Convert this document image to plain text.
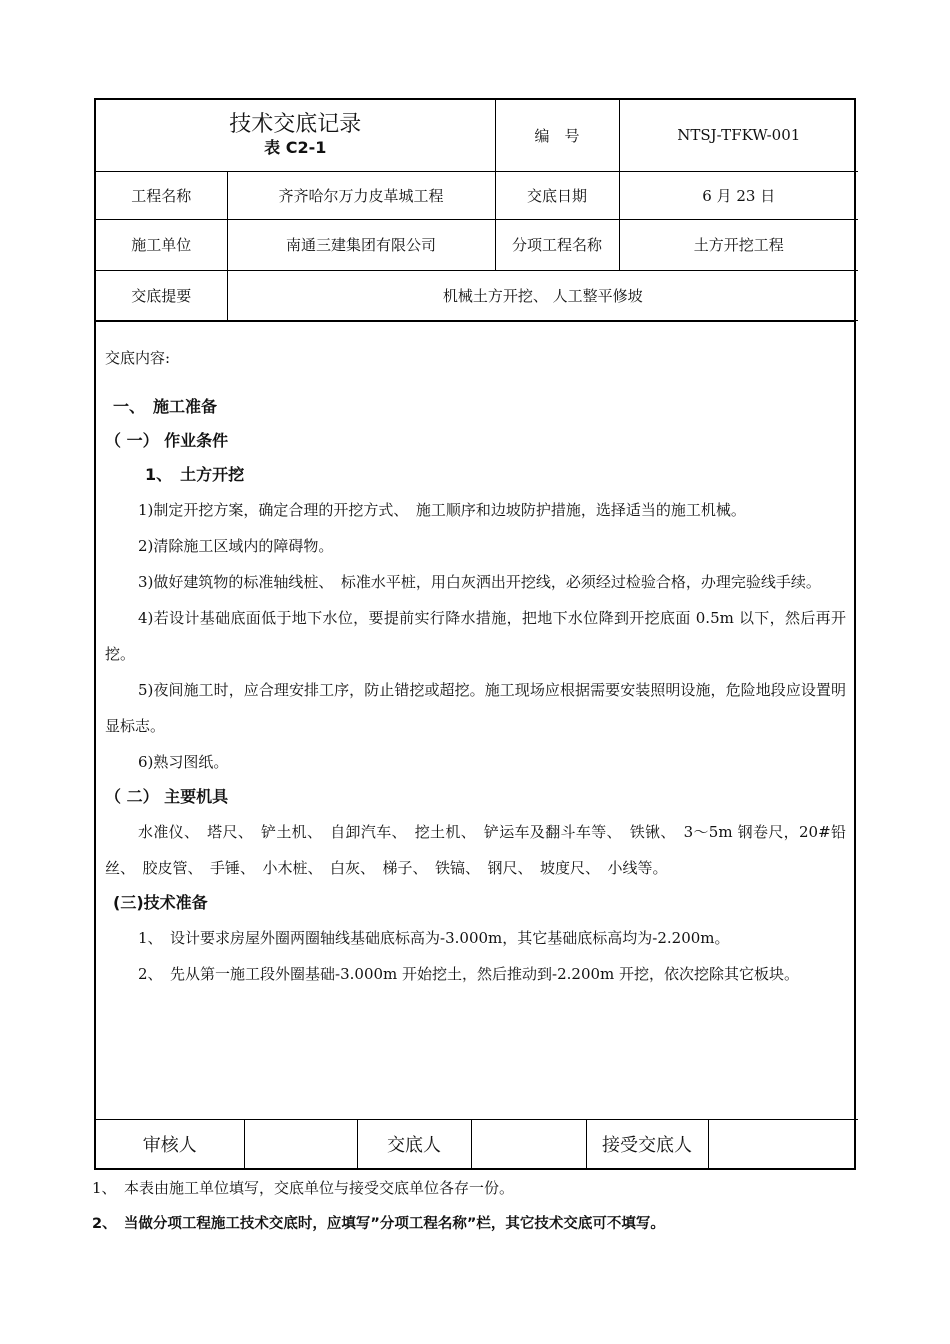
技术交底记录
表 C2-1		编　号	NTSJ-TFKW-001
工程名称	齐齐哈尔万力皮革城工程	交底日期	6 月 23 日
施工单位	南通三建集团有限公司	分项工程名称	土方开挖工程
交底提要	机械土方开挖、 人工整平修坡		

交底内容:

一、　施工准备

（ 一） 作业条件

1、　土方开挖

1)制定开挖方案，确定合理的开挖方式、　施工顺序和边坡防护措施，选择适当的施工机械。

2)清除施工区域内的障碍物。

3)做好建筑物的标准轴线桩、　标准水平桩，用白灰洒出开挖线，必须经过检验合格，办理完验线手续。

4)若设计基础底面低于地下水位，要提前实行降水措施，把地下水位降到开挖底面 0.5m 以下，然后再开挖。

5)夜间施工时，应合理安排工序，防止错挖或超挖。施工现场应根据需要安装照明设施，危险地段应设置明显标志。

6)熟习图纸。

（ 二） 主要机具

水准仪、　塔尺、　铲土机、　自卸汽车、　挖土机、　铲运车及翻斗车等、　铁锹、　3～5m 钢卷尺，20#铅丝、　胶皮管、　手锤、　小木桩、　白灰、　梯子、　铁镐、　钢尺、　坡度尺、　小线等。

(三)技术准备

1、　设计要求房屋外圈两圈轴线基础底标高为-3.000m，其它基础底标高均为-2.200m。

2、　先从第一施工段外圈基础-3.000m 开始挖土，然后推动到-2.200m 开挖，依次挖除其它板块。

审核人		交底人		接受交底人	

1、　本表由施工单位填写，交底单位与接受交底单位各存一份。

2、　当做分项工程施工技术交底时，应填写”分项工程名称”栏，其它技术交底可不填写。
